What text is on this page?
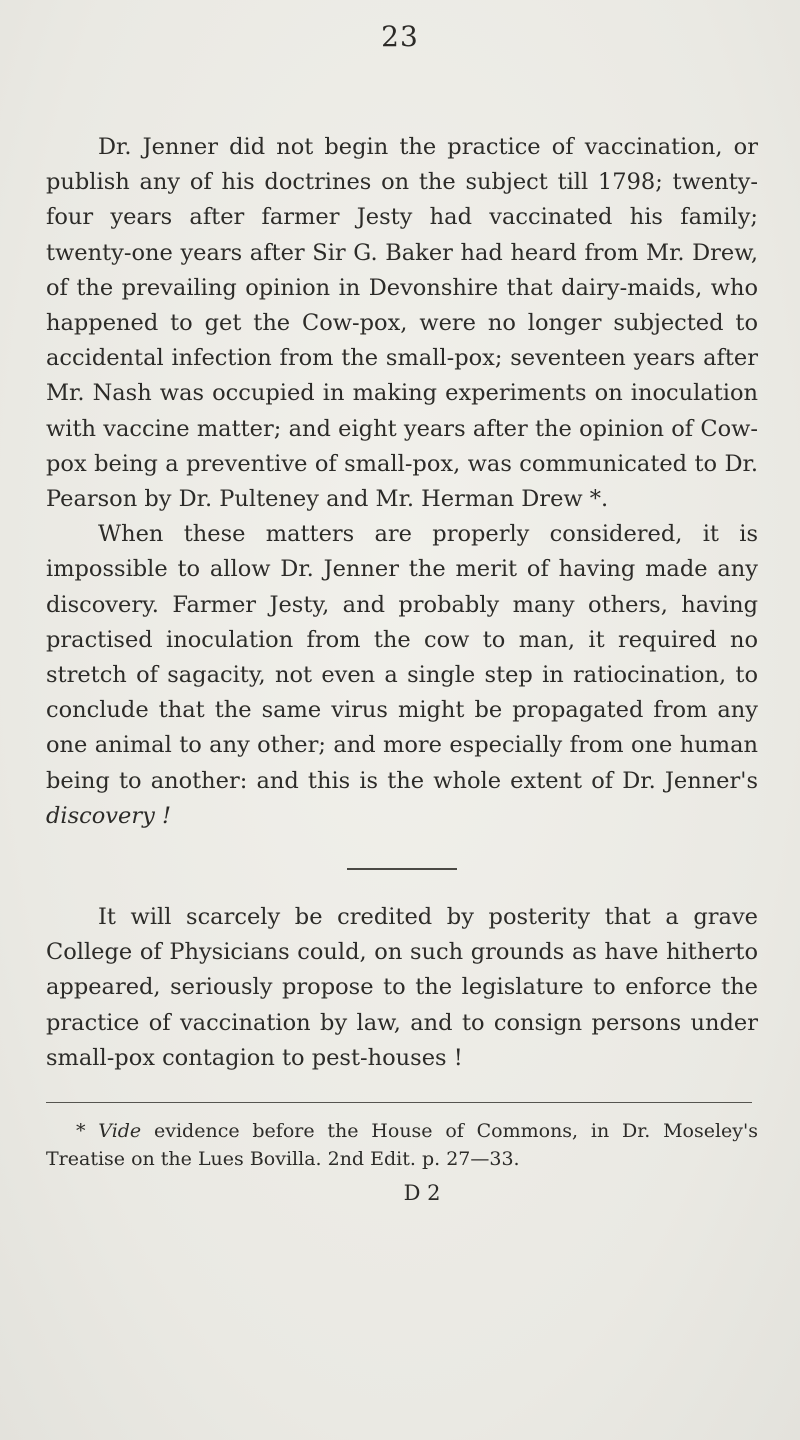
23

Dr. Jenner did not begin the practice of vaccination, or publish any of his doctrines on the subject till 1798; twenty-four years after farmer Jesty had vaccinated his family; twenty-one years after Sir G. Baker had heard from Mr. Drew, of the prevailing opinion in Devonshire that dairy-maids, who happened to get the Cow-pox, were no longer subjected to accidental infection from the small-pox; seventeen years after Mr. Nash was occupied in making experiments on inoculation with vaccine matter; and eight years after the opinion of Cow-pox being a preventive of small-pox, was communicated to Dr. Pearson by Dr. Pulteney and Mr. Herman Drew *.

When these matters are properly considered, it is impossible to allow Dr. Jenner the merit of having made any discovery. Farmer Jesty, and probably many others, having practised inoculation from the cow to man, it required no stretch of sagacity, not even a single step in ratiocination, to conclude that the same virus might be propagated from any one animal to any other; and more especially from one human being to another: and this is the whole extent of Dr. Jenner's discovery !

It will scarcely be credited by posterity that a grave College of Physicians could, on such grounds as have hitherto appeared, seriously propose to the legislature to enforce the practice of vaccination by law, and to consign persons under small-pox contagion to pest-houses !

* Vide evidence before the House of Commons, in Dr. Moseley's Treatise on the Lues Bovilla. 2nd Edit. p. 27—33.

D 2
